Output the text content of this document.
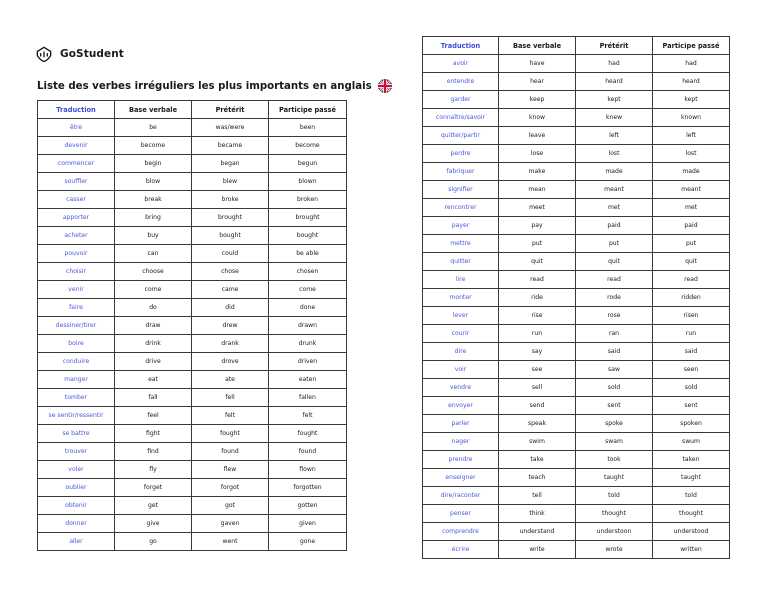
GoStudent
Liste des verbes irréguliers les plus importants en anglais
Traduction	Base verbale	Prétérit	Participe passé
être	be	was/were	been
devenir	become	became	become
commencer	begin	began	begun
souffler	blow	blew	blown
casser	break	broke	broken
apporter	bring	brought	brought
acheter	buy	bought	bought
pouvoir	can	could	be able
choisir	choose	chose	chosen
venir	come	came	come
faire	do	did	done
dessiner/tirer	draw	drew	drawn
boire	drink	drank	drunk
conduire	drive	drove	driven
manger	eat	ate	eaten
tomber	fall	fell	fallen
se sentir/ressentir	feel	felt	felt
se battre	fight	fought	fought
trouver	find	found	found
voler	fly	flew	flown
oublier	forget	forgot	forgotten
obtenir	get	got	gotten
donner	give	gaven	given
aller	go	went	gone
Traduction	Base verbale	Prétérit	Participe passé
avoir	have	had	had
entendre	hear	heard	heard
garder	keep	kept	kept
connaître/savoir	know	knew	known
quitter/partir	leave	left	left
perdre	lose	lost	lost
fabriquer	make	made	made
signifier	mean	meant	meant
rencontrer	meet	met	met
payer	pay	paid	paid
mettre	put	put	put
quitter	quit	quit	quit
lire	read	read	read
monter	ride	rode	ridden
lever	rise	rose	risen
courir	run	ran	run
dire	say	said	said
voir	see	saw	seen
vendre	sell	sold	sold
envoyer	send	sent	sent
parler	speak	spoke	spoken
nager	swim	swam	swum
prendre	take	took	taken
enseigner	teach	taught	taught
dire/raconter	tell	told	told
penser	think	thought	thought
comprendre	understand	understoon	understood
écrire	write	wrote	written
